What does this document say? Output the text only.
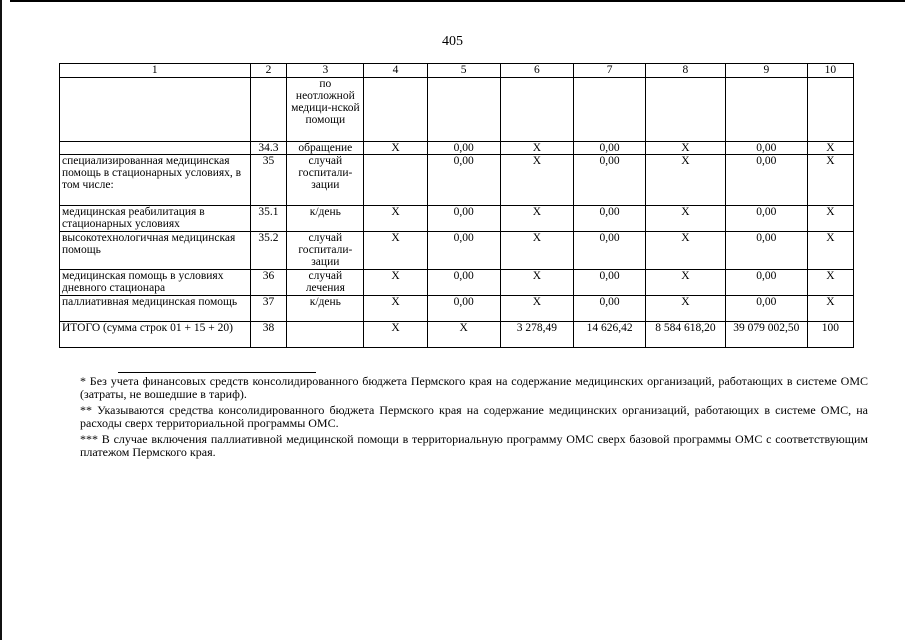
405
1	2	3	4	5	6	7	8	9	10
		по неотложной медици-нской помощи							
	34.3	обращение	X	0,00	X	0,00	X	0,00	X
специализированная медицинская помощь в стационарных условиях, в том числе:	35	случай госпитали-зации		0,00	X	0,00	X	0,00	X
медицинская реабилитация в стационарных условиях	35.1	к/день	X	0,00	X	0,00	X	0,00	X
высокотехнологичная медицинская помощь	35.2	случай госпитали-зации	X	0,00	X	0,00	X	0,00	X
медицинская помощь в условиях дневного стационара	36	случай лечения	X	0,00	X	0,00	X	0,00	X
паллиативная медицинская помощь	37	к/день	X	0,00	X	0,00	X	0,00	X
ИТОГО (сумма строк 01 + 15 + 20)	38		X	X	3 278,49	14 626,42	8 584 618,20	39 079 002,50	100

* Без учета финансовых средств консолидированного бюджета Пермского края на содержание медицинских организаций, работающих в системе ОМС (затраты, не вошедшие в тариф).

** Указываются средства консолидированного бюджета Пермского края на содержание медицинских организаций, работающих в системе ОМС, на расходы сверх территориальной программы ОМС.

*** В случае включения паллиативной медицинской помощи в территориальную программу ОМС сверх базовой программы ОМС с соответствующим платежом Пермского края.
